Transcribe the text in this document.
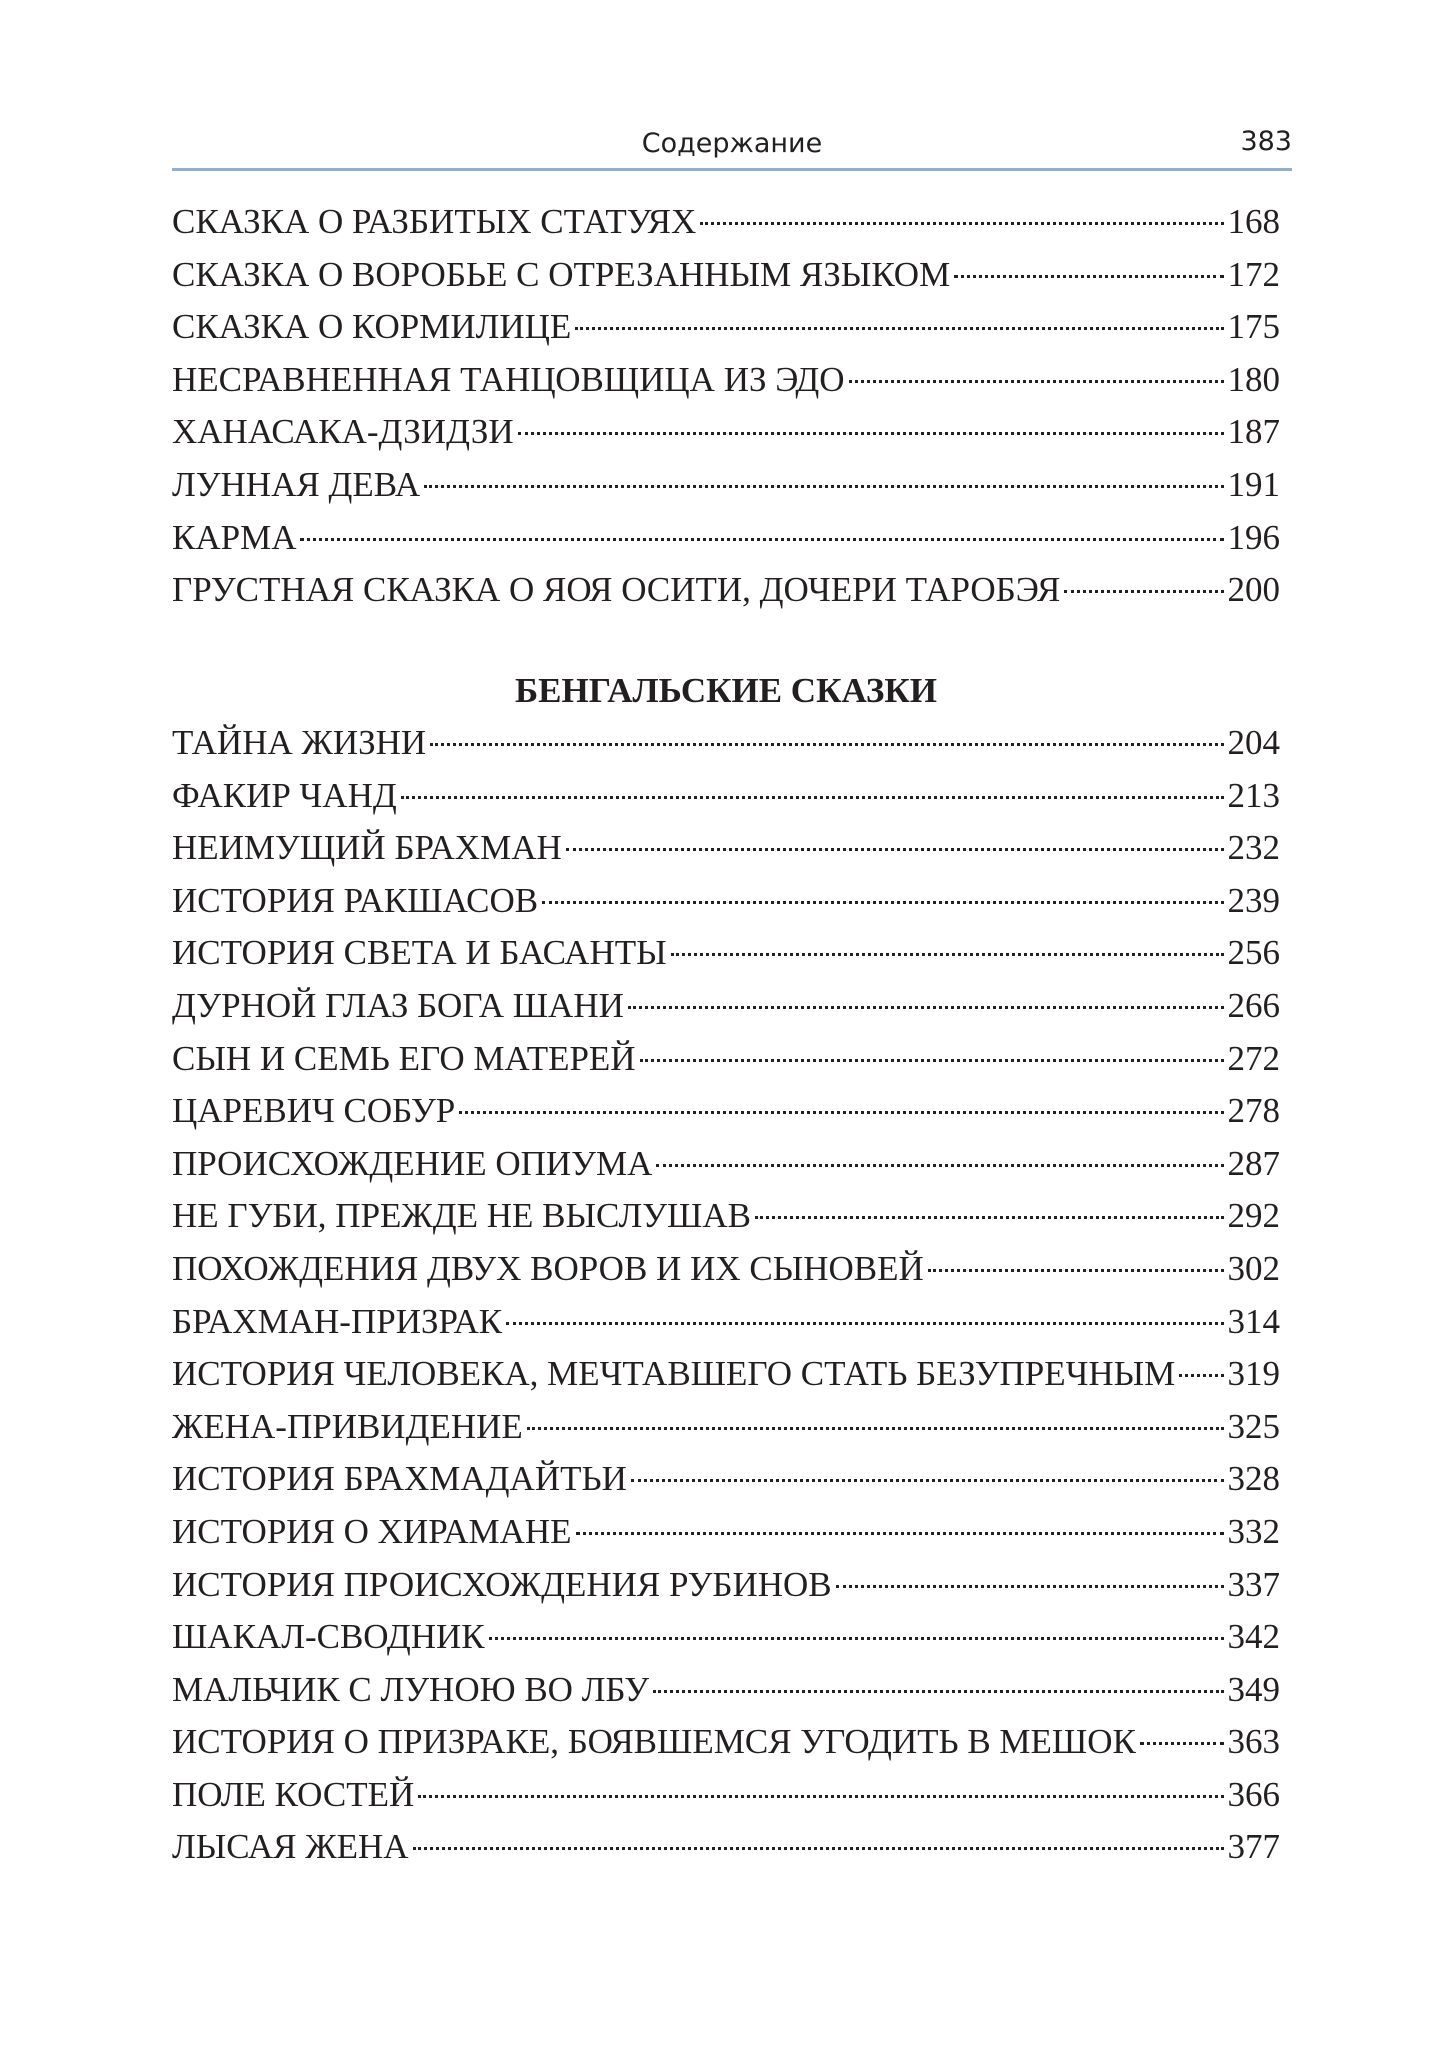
Содержание	383
СКАЗКА О РАЗБИТЫХ СТАТУЯХ	168
СКАЗКА О ВОРОБЬЕ С ОТРЕЗАННЫМ ЯЗЫКОМ	172
СКАЗКА О КОРМИЛИЦЕ	175
НЕСРАВНЕННАЯ ТАНЦОВЩИЦА ИЗ ЭДО	180
ХАНАСАКА-ДЗИДЗИ	187
ЛУННАЯ ДЕВА	191
КАРМА	196
ГРУСТНАЯ СКАЗКА О ЯОЯ ОСИТИ, ДОЧЕРИ ТАРОБЭЯ	200
БЕНГАЛЬСКИЕ СКАЗКИ
ТАЙНА ЖИЗНИ	204
ФАКИР ЧАНД	213
НЕИМУЩИЙ БРАХМАН	232
ИСТОРИЯ РАКШАСОВ	239
ИСТОРИЯ СВЕТА И БАСАНТЫ	256
ДУРНОЙ ГЛАЗ БОГА ШАНИ	266
СЫН И СЕМЬ ЕГО МАТЕРЕЙ	272
ЦАРЕВИЧ СОБУР	278
ПРОИСХОЖДЕНИЕ ОПИУМА	287
НЕ ГУБИ, ПРЕЖДЕ НЕ ВЫСЛУШАВ	292
ПОХОЖДЕНИЯ ДВУХ ВОРОВ И ИХ СЫНОВЕЙ	302
БРАХМАН-ПРИЗРАК	314
ИСТОРИЯ ЧЕЛОВЕКА, МЕЧТАВШЕГО СТАТЬ БЕЗУПРЕЧНЫМ 319
ЖЕНА-ПРИВИДЕНИЕ	325
ИСТОРИЯ БРАХМАДАЙТЬИ	328
ИСТОРИЯ О ХИРАМАНЕ	332
ИСТОРИЯ ПРОИСХОЖДЕНИЯ РУБИНОВ	337
ШАКАЛ-СВОДНИК	342
МАЛЬЧИК С ЛУНОЮ ВО ЛБУ	349
ИСТОРИЯ О ПРИЗРАКЕ, БОЯВШЕМСЯ УГОДИТЬ В МЕШОК	363
ПОЛЕ КОСТЕЙ	366
ЛЫСАЯ ЖЕНА	377
